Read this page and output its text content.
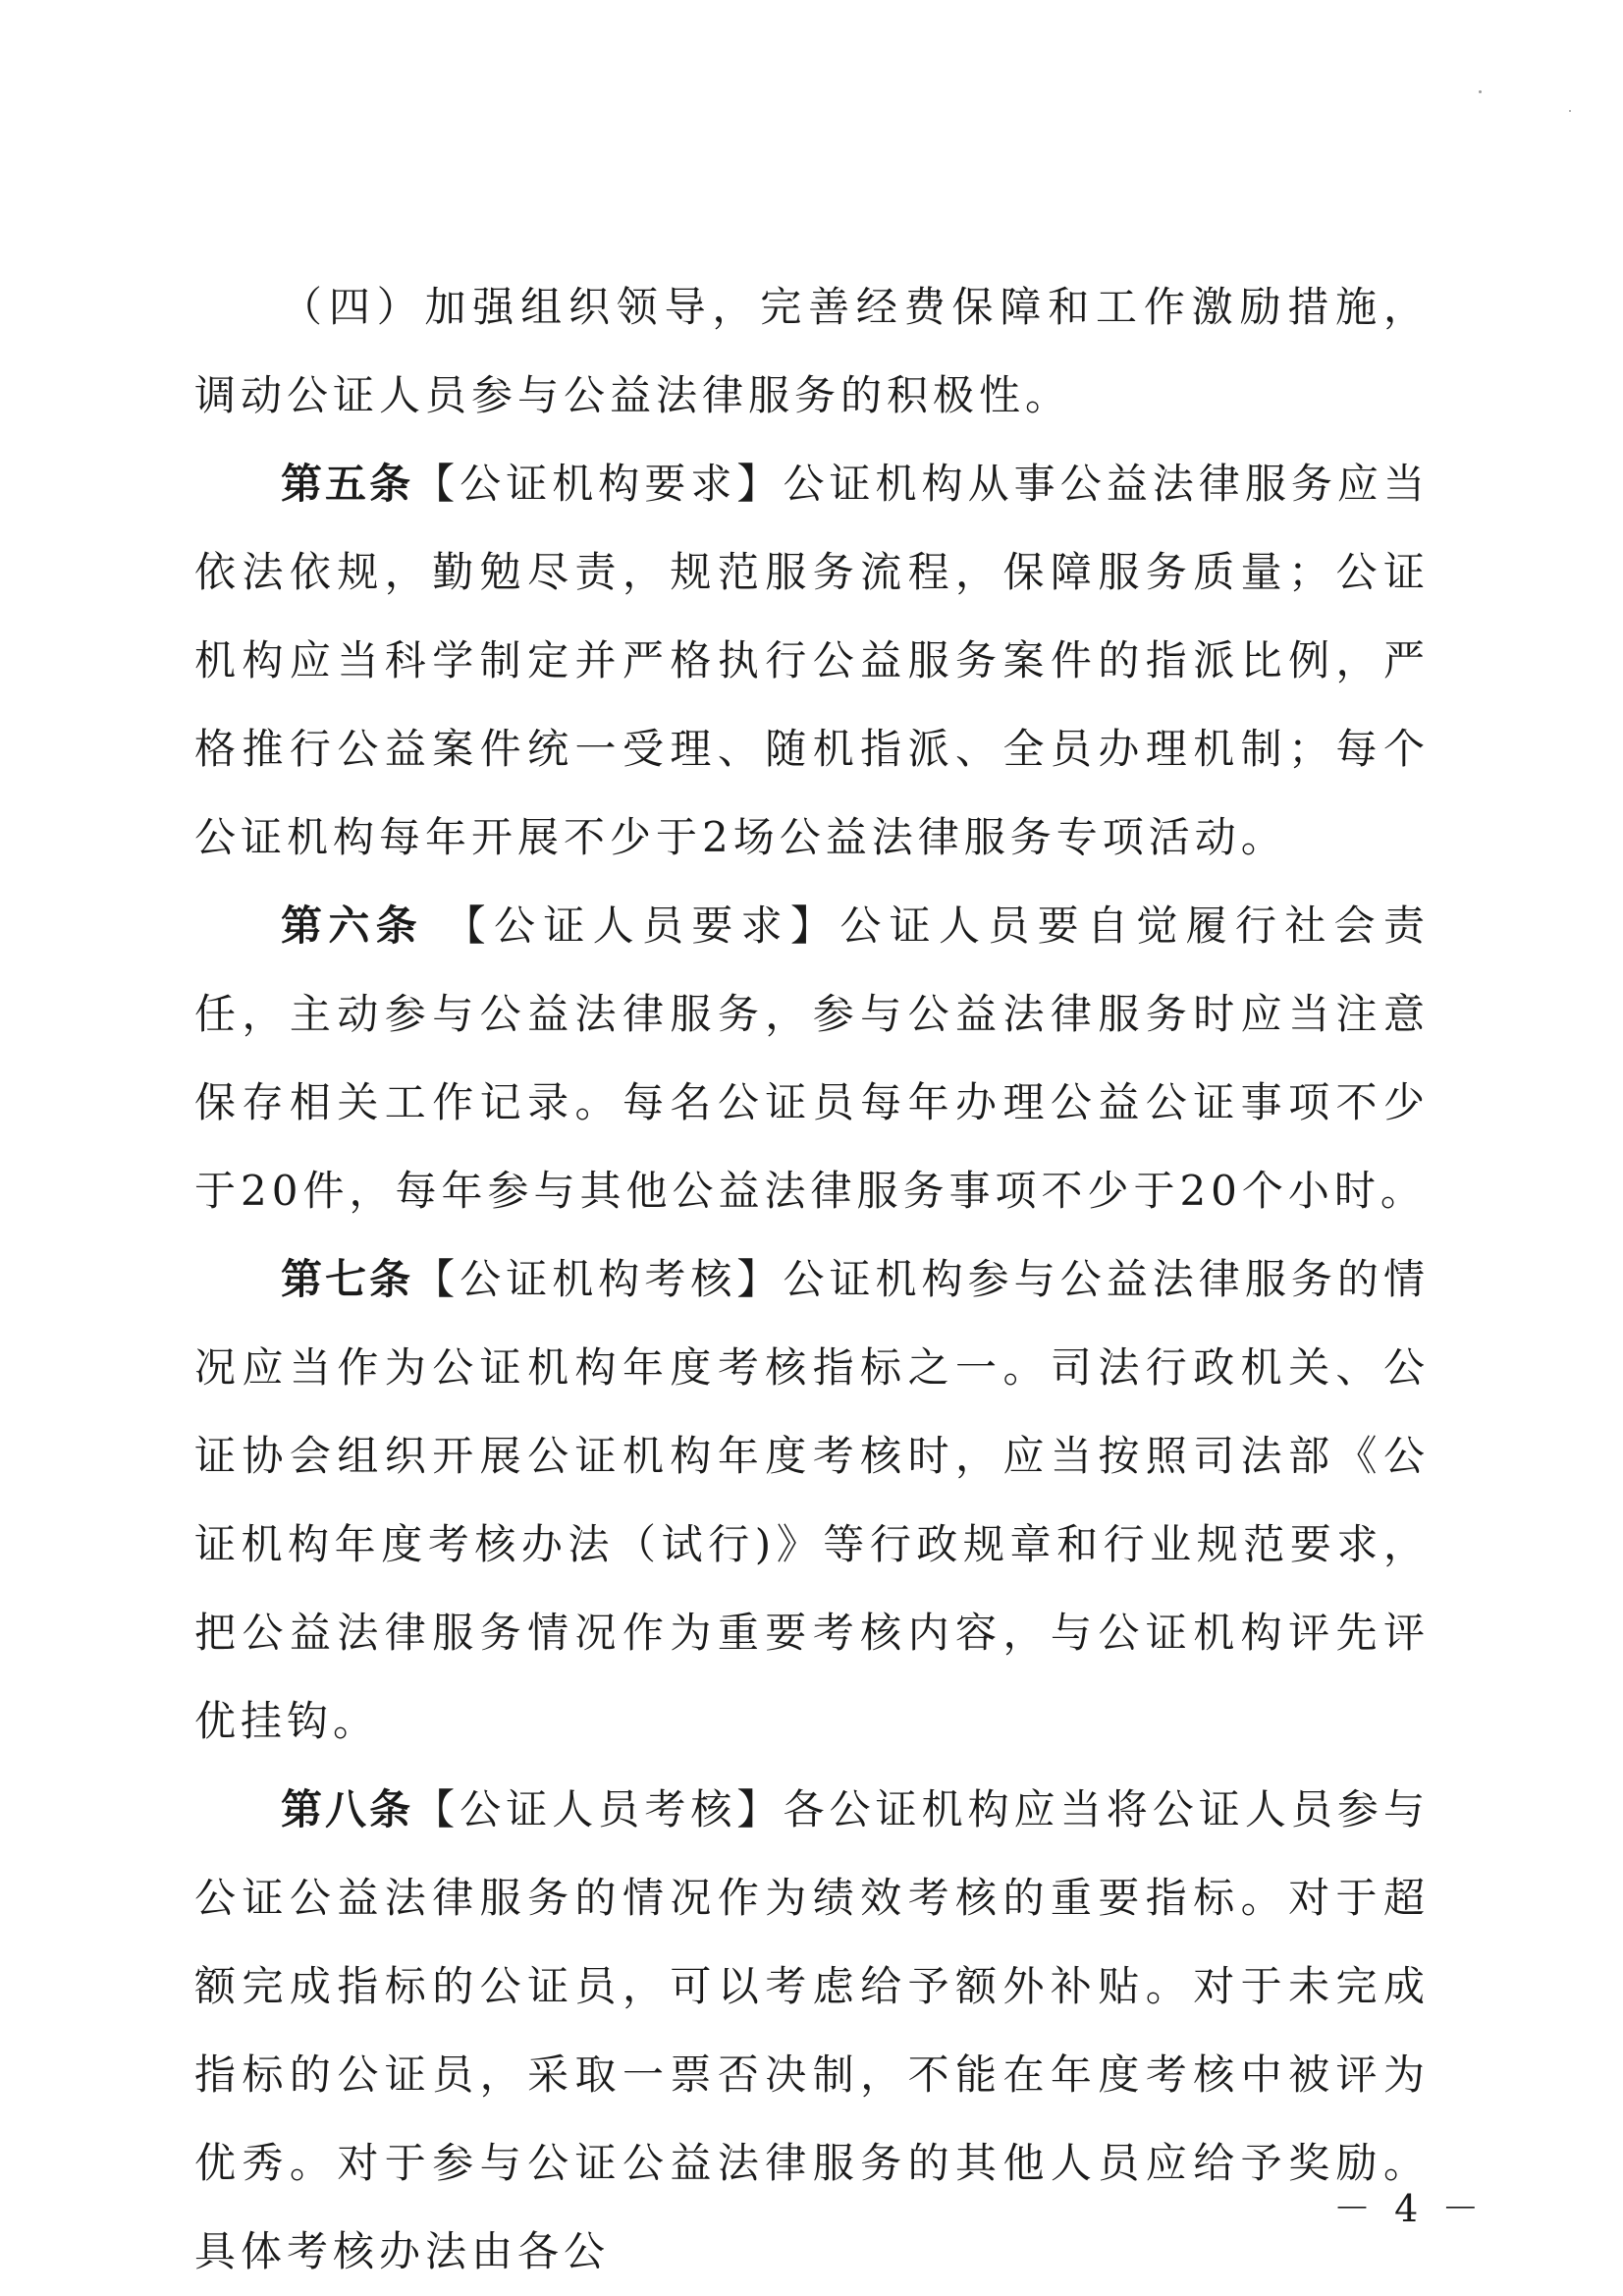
（四）加强组织领导，完善经费保障和工作激励措施，调动公证人员参与公益法律服务的积极性。

第五条【公证机构要求】公证机构从事公益法律服务应当依法依规，勤勉尽责，规范服务流程，保障服务质量；公证机构应当科学制定并严格执行公益服务案件的指派比例，严格推行公益案件统一受理、随机指派、全员办理机制；每个公证机构每年开展不少于2场公益法律服务专项活动。

第六条 【公证人员要求】公证人员要自觉履行社会责任，主动参与公益法律服务，参与公益法律服务时应当注意保存相关工作记录。每名公证员每年办理公益公证事项不少于20件，每年参与其他公益法律服务事项不少于20个小时。

第七条【公证机构考核】公证机构参与公益法律服务的情况应当作为公证机构年度考核指标之一。司法行政机关、公证协会组织开展公证机构年度考核时，应当按照司法部《公证机构年度考核办法（试行)》等行政规章和行业规范要求，把公益法律服务情况作为重要考核内容，与公证机构评先评优挂钩。

第八条【公证人员考核】各公证机构应当将公证人员参与公证公益法律服务的情况作为绩效考核的重要指标。对于超额完成指标的公证员，可以考虑给予额外补贴。对于未完成指标的公证员，采取一票否决制，不能在年度考核中被评为优秀。对于参与公证公益法律服务的其他人员应给予奖励。具体考核办法由各公

－ 4 －
